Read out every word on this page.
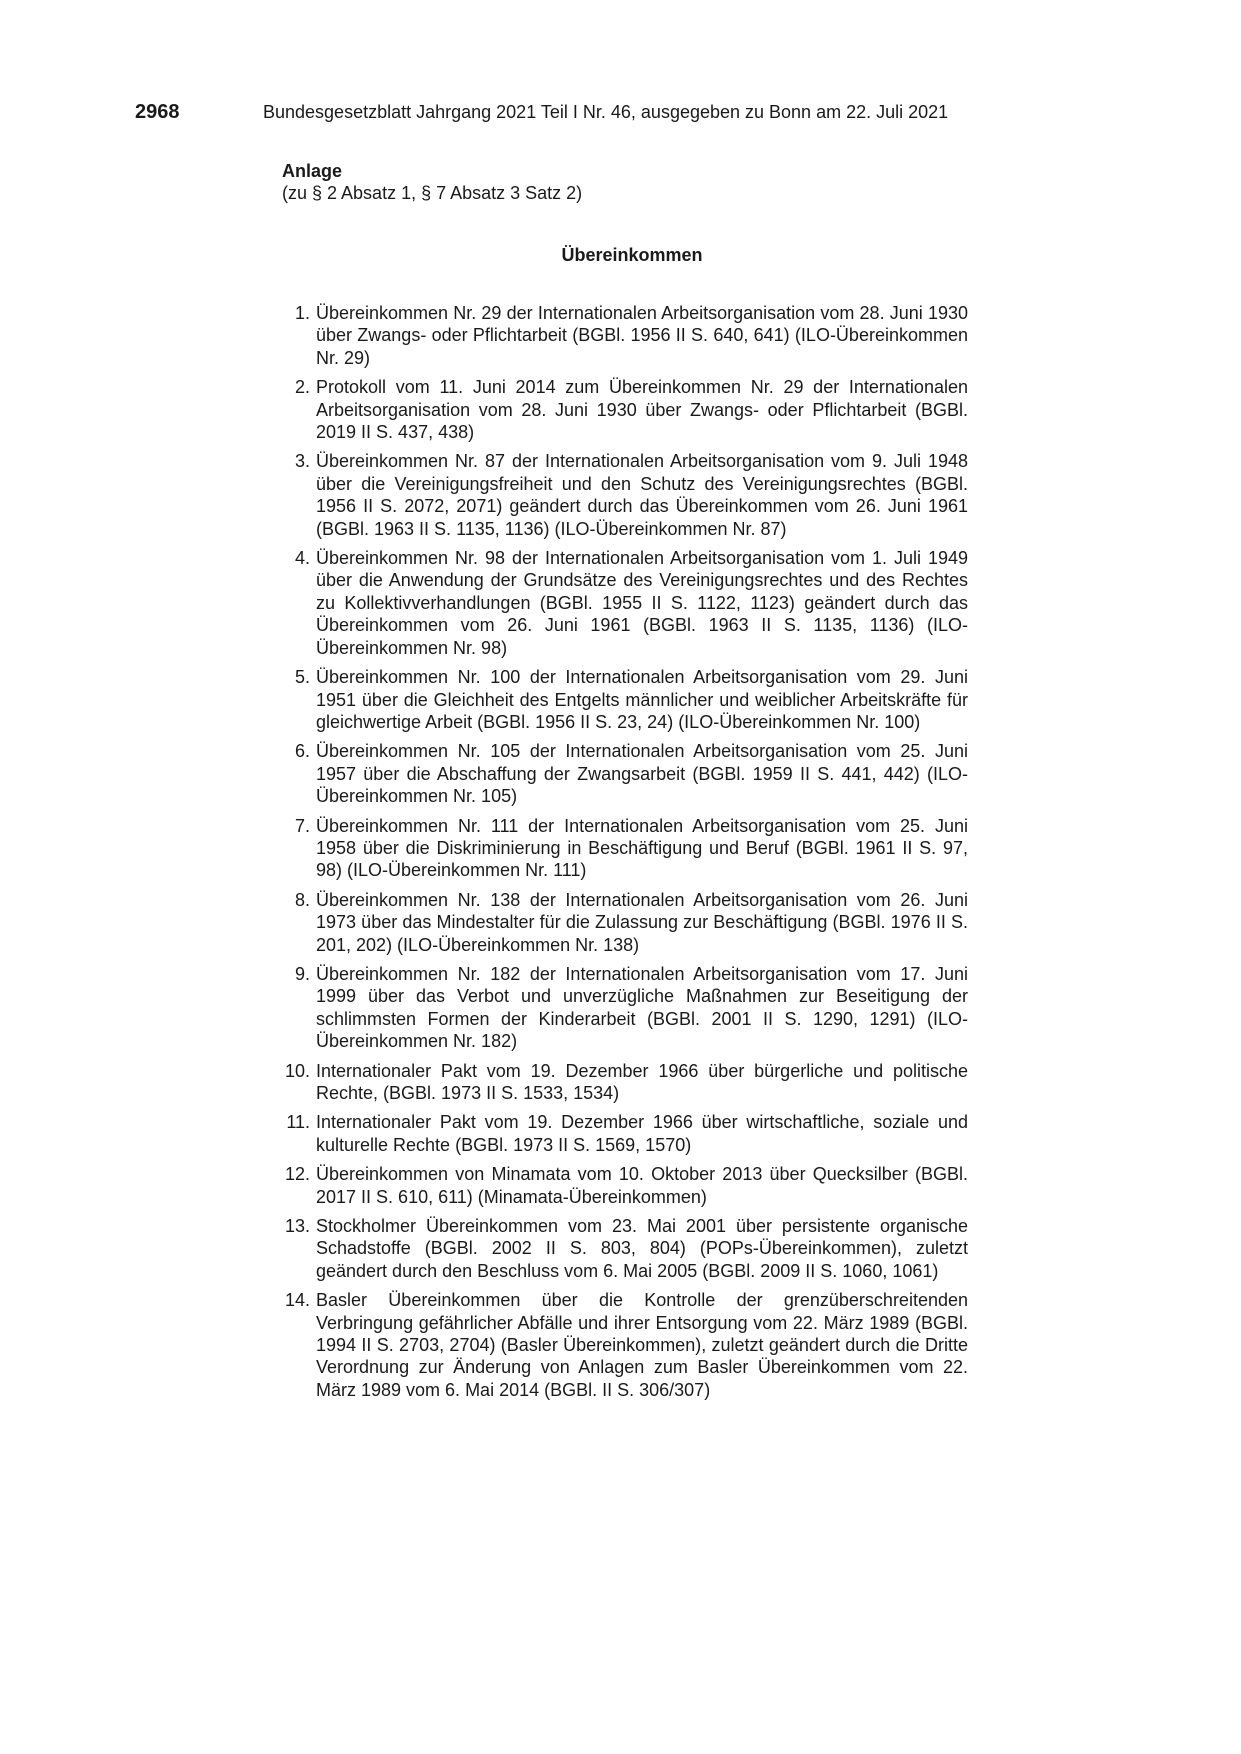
2968	Bundesgesetzblatt Jahrgang 2021 Teil I Nr. 46, ausgegeben zu Bonn am 22. Juli 2021
Anlage
(zu § 2 Absatz 1, § 7 Absatz 3 Satz 2)
Übereinkommen
1. Übereinkommen Nr. 29 der Internationalen Arbeitsorganisation vom 28. Juni 1930 über Zwangs- oder Pflichtarbeit (BGBl. 1956 II S. 640, 641) (ILO-Übereinkommen Nr. 29)
2. Protokoll vom 11. Juni 2014 zum Übereinkommen Nr. 29 der Internationalen Arbeitsorganisation vom 28. Juni 1930 über Zwangs- oder Pflichtarbeit (BGBl. 2019 II S. 437, 438)
3. Übereinkommen Nr. 87 der Internationalen Arbeitsorganisation vom 9. Juli 1948 über die Vereinigungsfreiheit und den Schutz des Vereinigungsrechtes (BGBl. 1956 II S. 2072, 2071) geändert durch das Übereinkommen vom 26. Juni 1961 (BGBl. 1963 II S. 1135, 1136) (ILO-Übereinkommen Nr. 87)
4. Übereinkommen Nr. 98 der Internationalen Arbeitsorganisation vom 1. Juli 1949 über die Anwendung der Grundsätze des Vereinigungsrechtes und des Rechtes zu Kollektivverhandlungen (BGBl. 1955 II S. 1122, 1123) geändert durch das Übereinkommen vom 26. Juni 1961 (BGBl. 1963 II S. 1135, 1136) (ILO-Übereinkommen Nr. 98)
5. Übereinkommen Nr. 100 der Internationalen Arbeitsorganisation vom 29. Juni 1951 über die Gleichheit des Entgelts männlicher und weiblicher Arbeitskräfte für gleichwertige Arbeit (BGBl. 1956 II S. 23, 24) (ILO-Übereinkommen Nr. 100)
6. Übereinkommen Nr. 105 der Internationalen Arbeitsorganisation vom 25. Juni 1957 über die Abschaffung der Zwangsarbeit (BGBl. 1959 II S. 441, 442) (ILO-Übereinkommen Nr. 105)
7. Übereinkommen Nr. 111 der Internationalen Arbeitsorganisation vom 25. Juni 1958 über die Diskriminierung in Beschäftigung und Beruf (BGBl. 1961 II S. 97, 98) (ILO-Übereinkommen Nr. 111)
8. Übereinkommen Nr. 138 der Internationalen Arbeitsorganisation vom 26. Juni 1973 über das Mindestalter für die Zulassung zur Beschäftigung (BGBl. 1976 II S. 201, 202) (ILO-Übereinkommen Nr. 138)
9. Übereinkommen Nr. 182 der Internationalen Arbeitsorganisation vom 17. Juni 1999 über das Verbot und unverzügliche Maßnahmen zur Beseitigung der schlimmsten Formen der Kinderarbeit (BGBl. 2001 II S. 1290, 1291) (ILO-Übereinkommen Nr. 182)
10. Internationaler Pakt vom 19. Dezember 1966 über bürgerliche und politische Rechte, (BGBl. 1973 II S. 1533, 1534)
11. Internationaler Pakt vom 19. Dezember 1966 über wirtschaftliche, soziale und kulturelle Rechte (BGBl. 1973 II S. 1569, 1570)
12. Übereinkommen von Minamata vom 10. Oktober 2013 über Quecksilber (BGBl. 2017 II S. 610, 611) (Minamata-Übereinkommen)
13. Stockholmer Übereinkommen vom 23. Mai 2001 über persistente organische Schadstoffe (BGBl. 2002 II S. 803, 804) (POPs-Übereinkommen), zuletzt geändert durch den Beschluss vom 6. Mai 2005 (BGBl. 2009 II S. 1060, 1061)
14. Basler Übereinkommen über die Kontrolle der grenzüberschreitenden Verbringung gefährlicher Abfälle und ihrer Entsorgung vom 22. März 1989 (BGBl. 1994 II S. 2703, 2704) (Basler Übereinkommen), zuletzt geändert durch die Dritte Verordnung zur Änderung von Anlagen zum Basler Übereinkommen vom 22. März 1989 vom 6. Mai 2014 (BGBl. II S. 306/307)
